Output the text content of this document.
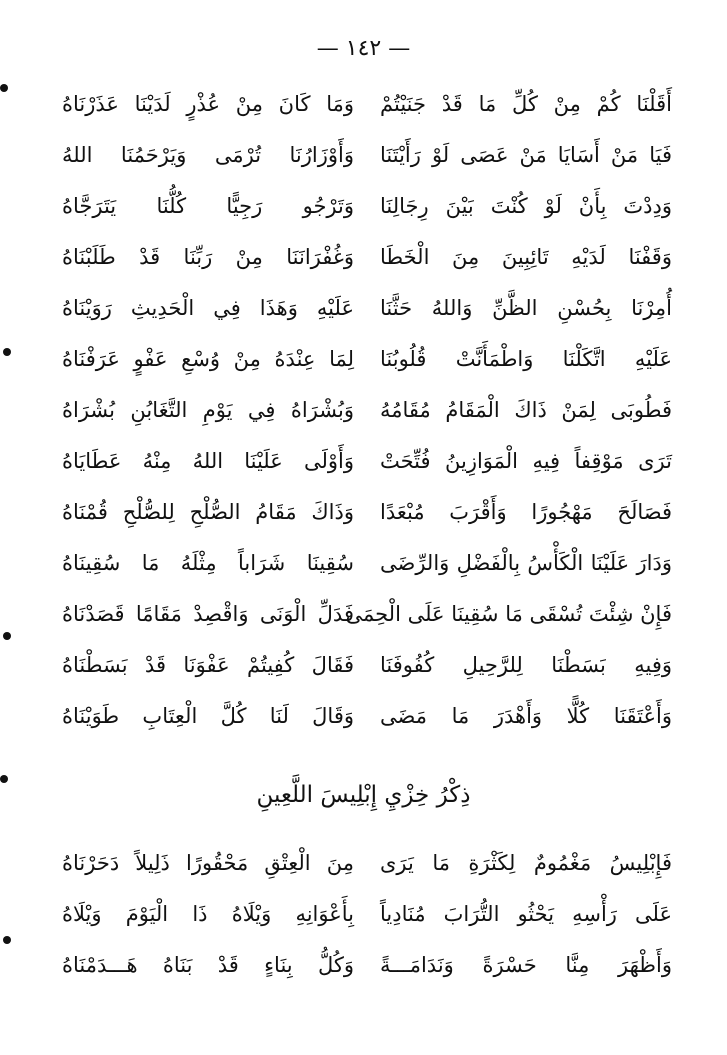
— ١٤٢ —
أَقَلْنَا كُمْ مِنْ كُلِّ مَا قَدْ جَنَيْتُمْ
وَمَا كَانَ مِنْ عُذْرٍ لَدَيْنَا عَذَرْنَاهُ
فَيَا مَنْ أَسَايَا مَنْ عَصَى لَوْ رَأَيْتَنَا
وَأَوْزَارُنَا تُرْمَى وَيَرْحَمُنَا اللهُ
وَدِدْتَ بِأَنْ لَوْ كُنْتَ بَيْنَ رِجَالِنَا
وَتَرْجُو رَجِيًّا كُلُّنَا يَتَرَجَّاهُ
وَقَفْنَا لَدَيْهِ تَائِبِينَ مِنَ الْخَطَا
وَغُفْرَانَنَا مِنْ رَبِّنَا قَدْ طَلَبْنَاهُ
أُمِرْنَا بِحُسْنِ الظَّنِّ وَاللهُ حَثَّنَا
عَلَيْهِ وَهَذَا فِي الْحَدِيثِ رَوَيْنَاهُ
عَلَيْهِ اتَّكَلْنَا وَاطْمَأَنَّتْ قُلُوبُنَا
لِمَا عِنْدَهُ مِنْ وُسْعِ عَفْوٍ عَرَفْنَاهُ
فَطُوبَى لِمَنْ ذَاكَ الْمَقَامُ مُقَامُهُ
وَبُشْرَاهُ فِي يَوْمِ التَّغَابُنِ بُشْرَاهُ
تَرَى مَوْقِفاً فِيهِ الْمَوَازِينُ فُتِّحَتْ
وَأَوْلَى عَلَيْنَا اللهُ مِنْهُ عَطَايَاهُ
فَصَالَحَ مَهْجُورًا وَأَقْرَبَ مُبْعَدًا
وَذَاكَ مَقَامُ الصُّلْحِ لِلصُّلْحِ قُمْنَاهُ
وَدَارَ عَلَيْنَا الْكَأْسُ بِالْفَضْلِ وَالرِّضَى
سُقِينَا شَرَاباً مِثْلَهُ مَا سُقِينَاهُ
فَإِنْ شِئْتَ تُسْقَى مَا سُقِينَا عَلَى الْحِمَى
فَدَلِّ الْوَنَى وَاقْصِدْ مَقَامًا قَصَدْنَاهُ
وَفِيهِ بَسَطْنَا لِلرَّحِيلِ كُفُوفَنَا
فَقَالَ كُفِيتُمْ عَفْوَنَا قَدْ بَسَطْنَاهُ
وَأَعْتَقَنَا كُلًّا وَأَهْدَرَ مَا مَضَى
وَقَالَ لَنَا كُلَّ الْعِتَابِ طَوَيْنَاهُ
ذِكْرُ خِزْيِ إِبْلِيسَ اللَّعِينِ
فَإِبْلِيسُ مَغْمُومٌ لِكَثْرَةِ مَا يَرَى
مِنَ الْعِتْقِ مَحْقُورًا ذَلِيلاً دَحَرْنَاهُ
عَلَى رَأْسِهِ يَحْثُو التُّرَابَ مُنَادِياً
بِأَعْوَانِهِ وَيْلَاهُ ذَا الْيَوْمَ وَيْلَاهُ
وَأَظْهَرَ مِنَّا حَسْرَةً وَنَدَامَـــةً
وَكُلُّ بِنَاءٍ قَدْ بَنَاهُ هَـــدَمْنَاهُ
